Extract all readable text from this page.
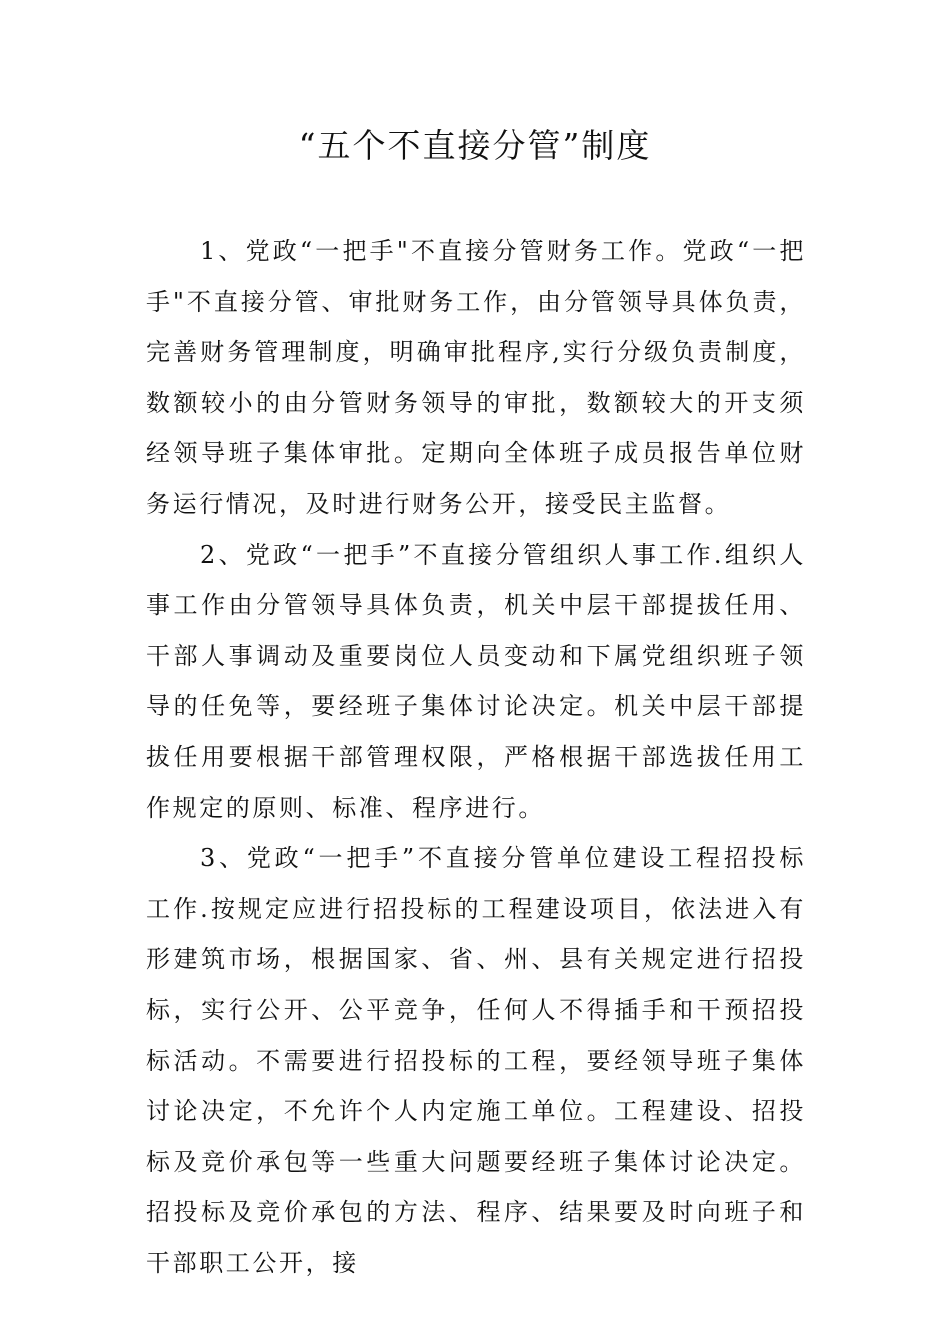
“五个不直接分管”制度

1、党政“一把手"不直接分管财务工作。党政“一把手"不直接分管、审批财务工作，由分管领导具体负责，完善财务管理制度，明确审批程序,实行分级负责制度，数额较小的由分管财务领导的审批，数额较大的开支须经领导班子集体审批。定期向全体班子成员报告单位财务运行情况，及时进行财务公开，接受民主监督。

2、党政“一把手”不直接分管组织人事工作.组织人事工作由分管领导具体负责，机关中层干部提拔任用、干部人事调动及重要岗位人员变动和下属党组织班子领导的任免等，要经班子集体讨论决定。机关中层干部提拔任用要根据干部管理权限，严格根据干部选拔任用工作规定的原则、标准、程序进行。

3、党政“一把手”不直接分管单位建设工程招投标工作.按规定应进行招投标的工程建设项目，依法进入有形建筑市场，根据国家、省、州、县有关规定进行招投标，实行公开、公平竞争，任何人不得插手和干预招投标活动。不需要进行招投标的工程，要经领导班子集体讨论决定，不允许个人内定施工单位。工程建设、招投标及竞价承包等一些重大问题要经班子集体讨论决定。招投标及竞价承包的方法、程序、结果要及时向班子和干部职工公开，接
